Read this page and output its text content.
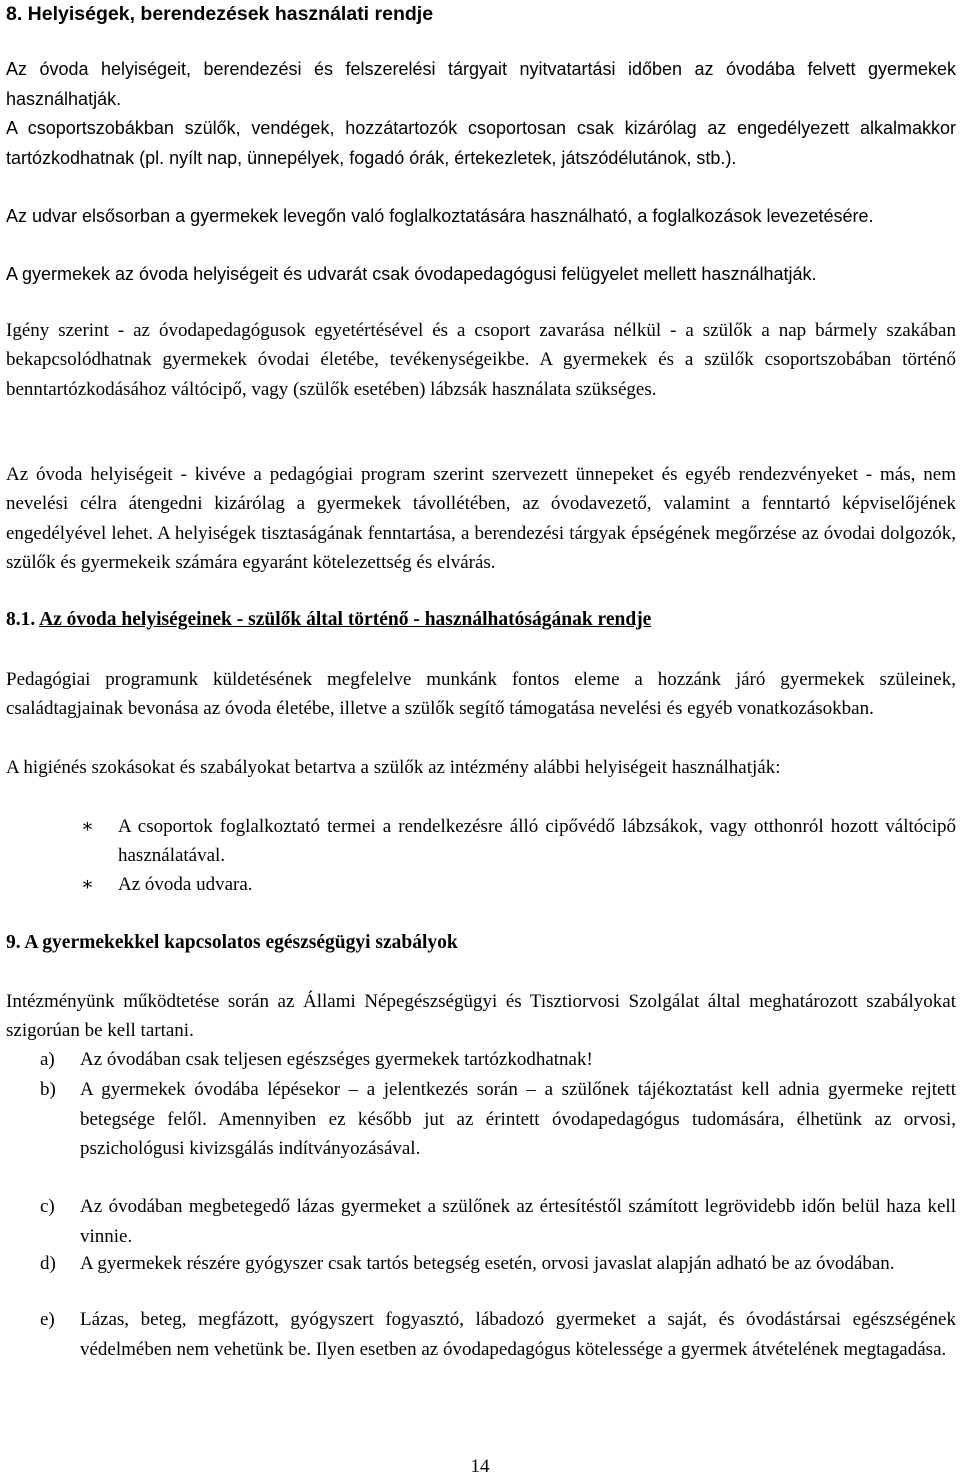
8. Helyiségek, berendezések használati rendje
Az óvoda helyiségeit, berendezési és felszerelési tárgyait nyitvatartási időben az óvodába felvett gyermekek használhatják.
A csoportszobákban szülők, vendégek, hozzátartozók csoportosan csak kizárólag az engedélyezett alkalmakkor tartózkodhatnak (pl. nyílt nap, ünnepélyek, fogadó órák, értekezletek, játszódélutánok, stb.).
Az udvar elsősorban a gyermekek levegőn való foglalkoztatására használható, a foglalkozások levezetésére.
A gyermekek az óvoda helyiségeit és udvarát csak óvodapedagógusi felügyelet mellett használhatják.
Igény szerint - az óvodapedagógusok egyetértésével és a csoport zavarása nélkül - a szülők a nap bármely szakában bekapcsolódhatnak gyermekek óvodai életébe, tevékenységeikbe. A gyermekek és a szülők csoportszobában történő benntartózkodásához váltócipő, vagy (szülők esetében) lábzsák használata szükséges.
Az óvoda helyiségeit - kivéve a pedagógiai program szerint szervezett ünnepeket és egyéb rendezvényeket - más, nem nevelési célra átengedni kizárólag a gyermekek távollétében, az óvodavezető, valamint a fenntartó képviselőjének engedélyével lehet. A helyiségek tisztaságának fenntartása, a berendezési tárgyak épségének megőrzése az óvodai dolgozók, szülők és gyermekeik számára egyaránt kötelezettség és elvárás.
8.1. Az óvoda helyiségeinek - szülők által történő - használhatóságának rendje
Pedagógiai programunk küldetésének megfelelve munkánk fontos eleme a hozzánk járó gyermekek szüleinek, családtagjainak bevonása az óvoda életébe, illetve a szülők segítő támogatása nevelési és egyéb vonatkozásokban.
A higiénés szokásokat és szabályokat betartva a szülők az intézmény alábbi helyiségeit használhatják:
∗ A csoportok foglalkoztató termei a rendelkezésre álló cipővédő lábzsákok, vagy otthonról hozott váltócipő használatával.
∗ Az óvoda udvara.
9. A gyermekekkel kapcsolatos egészségügyi szabályok
Intézményünk működtetése során az Állami Népegészségügyi és Tisztiorvosi Szolgálat által meghatározott szabályokat szigorúan be kell tartani.
a) Az óvodában csak teljesen egészséges gyermekek tartózkodhatnak!
b) A gyermekek óvodába lépésekor – a jelentkezés során – a szülőnek tájékoztatást kell adnia gyermeke rejtett betegsége felől. Amennyiben ez később jut az érintett óvodapedagógus tudomására, élhetünk az orvosi, pszichológusi kivizsgálás indítványozásával.
c) Az óvodában megbetegedő lázas gyermeket a szülőnek az értesítéstől számított legrövidebb időn belül haza kell vinnie.
d) A gyermekek részére gyógyszer csak tartós betegség esetén, orvosi javaslat alapján adható be az óvodában.
e) Lázas, beteg, megfázott, gyógyszert fogyasztó, lábadozó gyermeket a saját, és óvodástársai egészségének védelmében nem vehetünk be. Ilyen esetben az óvodapedagógus kötelessége a gyermek átvételének megtagadása.
14
